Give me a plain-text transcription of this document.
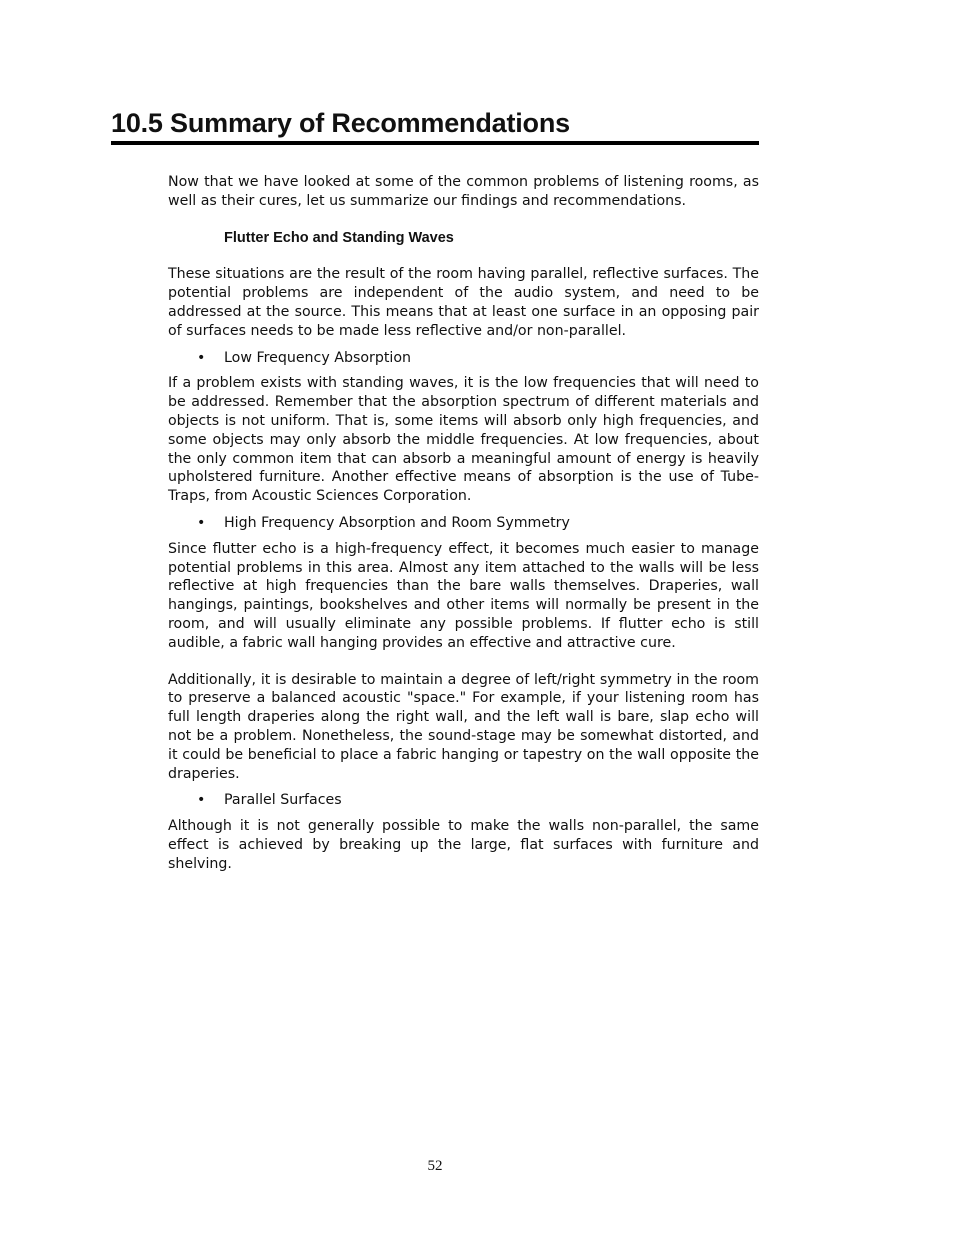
10.5 Summary of Recommendations

Now that we have looked at some of the common problems of listening rooms, as well as their cures, let us summarize our findings and recommendations.

Flutter Echo and Standing Waves

These situations are the result of the room having parallel, reflective surfaces. The potential problems are independent of the audio system, and need to be addressed at the source. This means that at least one surface in an opposing pair of surfaces needs to be made less reflective and/or non-parallel.

•	Low Frequency Absorption

If a problem exists with standing waves, it is the low frequencies that will need to be addressed. Remember that the absorption spectrum of different materials and objects is not uniform. That is, some items will absorb only high frequencies, and some objects may only absorb the middle frequencies. At low frequencies, about the only common item that can absorb a meaningful amount of energy is heavily upholstered furniture. Another effective means of absorption is the use of Tube-Traps, from Acoustic Sciences Corporation.

•	High Frequency Absorption and Room Symmetry

Since flutter echo is a high-frequency effect, it becomes much easier to manage potential problems in this area. Almost any item attached to the walls will be less reflective at high frequencies than the bare walls themselves. Draperies, wall hangings, paintings, bookshelves and other items will normally be present in the room, and will usually eliminate any possible problems. If flutter echo is still audible, a fabric wall hanging provides an effective and attractive cure.

Additionally, it is desirable to maintain a degree of left/right symmetry in the room to preserve a balanced acoustic "space." For example, if your listening room has full length draperies along the right wall, and the left wall is bare, slap echo will not be a problem. Nonetheless, the sound-stage may be somewhat distorted, and it could be beneficial to place a fabric hanging or tapestry on the wall opposite the draperies.

•	Parallel Surfaces

Although it is not generally possible to make the walls non-parallel, the same effect is achieved by breaking up the large, flat surfaces with furniture and shelving.

52
